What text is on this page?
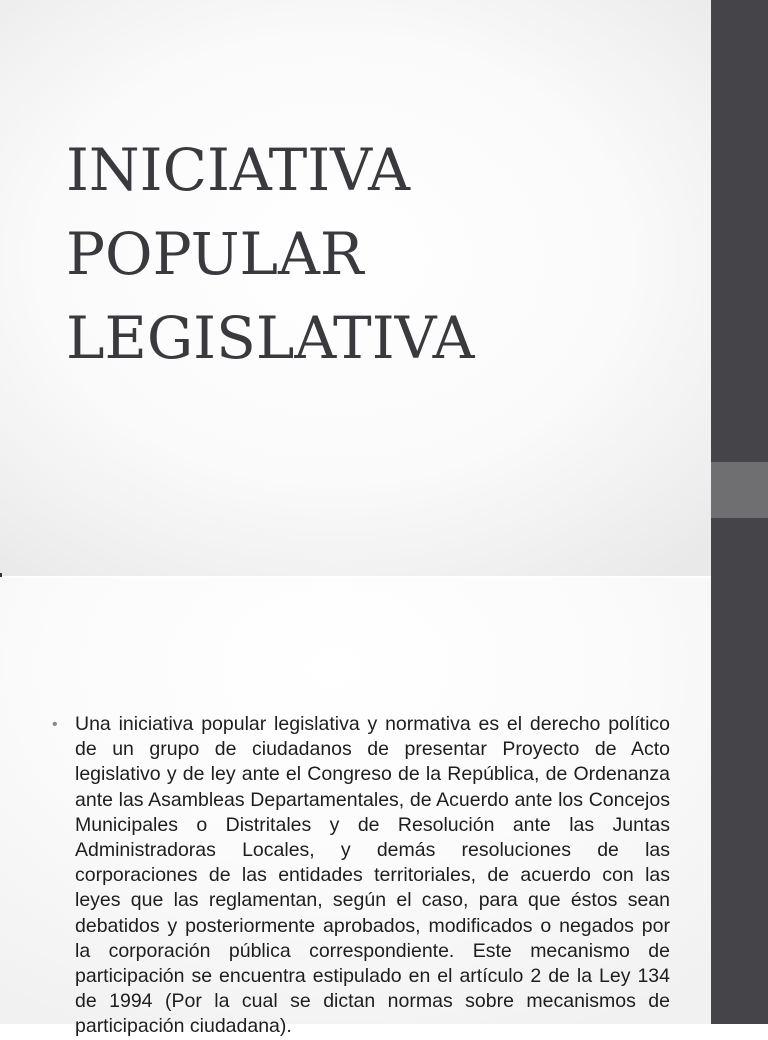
INICIATIVA
POPULAR
LEGISLATIVA
• Una iniciativa popular legislativa y normativa es el derecho político de un grupo de ciudadanos de presentar Proyecto de Acto legislativo y de ley ante el Congreso de la República, de Ordenanza ante las Asambleas Departamentales, de Acuerdo ante los Concejos Municipales o Distritales y de Resolución ante las Juntas Administradoras Locales, y demás resoluciones de las corporaciones de las entidades territoriales, de acuerdo con las leyes que las reglamentan, según el caso, para que éstos sean debatidos y posteriormente aprobados, modificados o negados por la corporación pública correspondiente. Este mecanismo de participación se encuentra estipulado en el artículo 2 de la Ley 134 de 1994 (Por la cual se dictan normas sobre mecanismos de participación ciudadana).
